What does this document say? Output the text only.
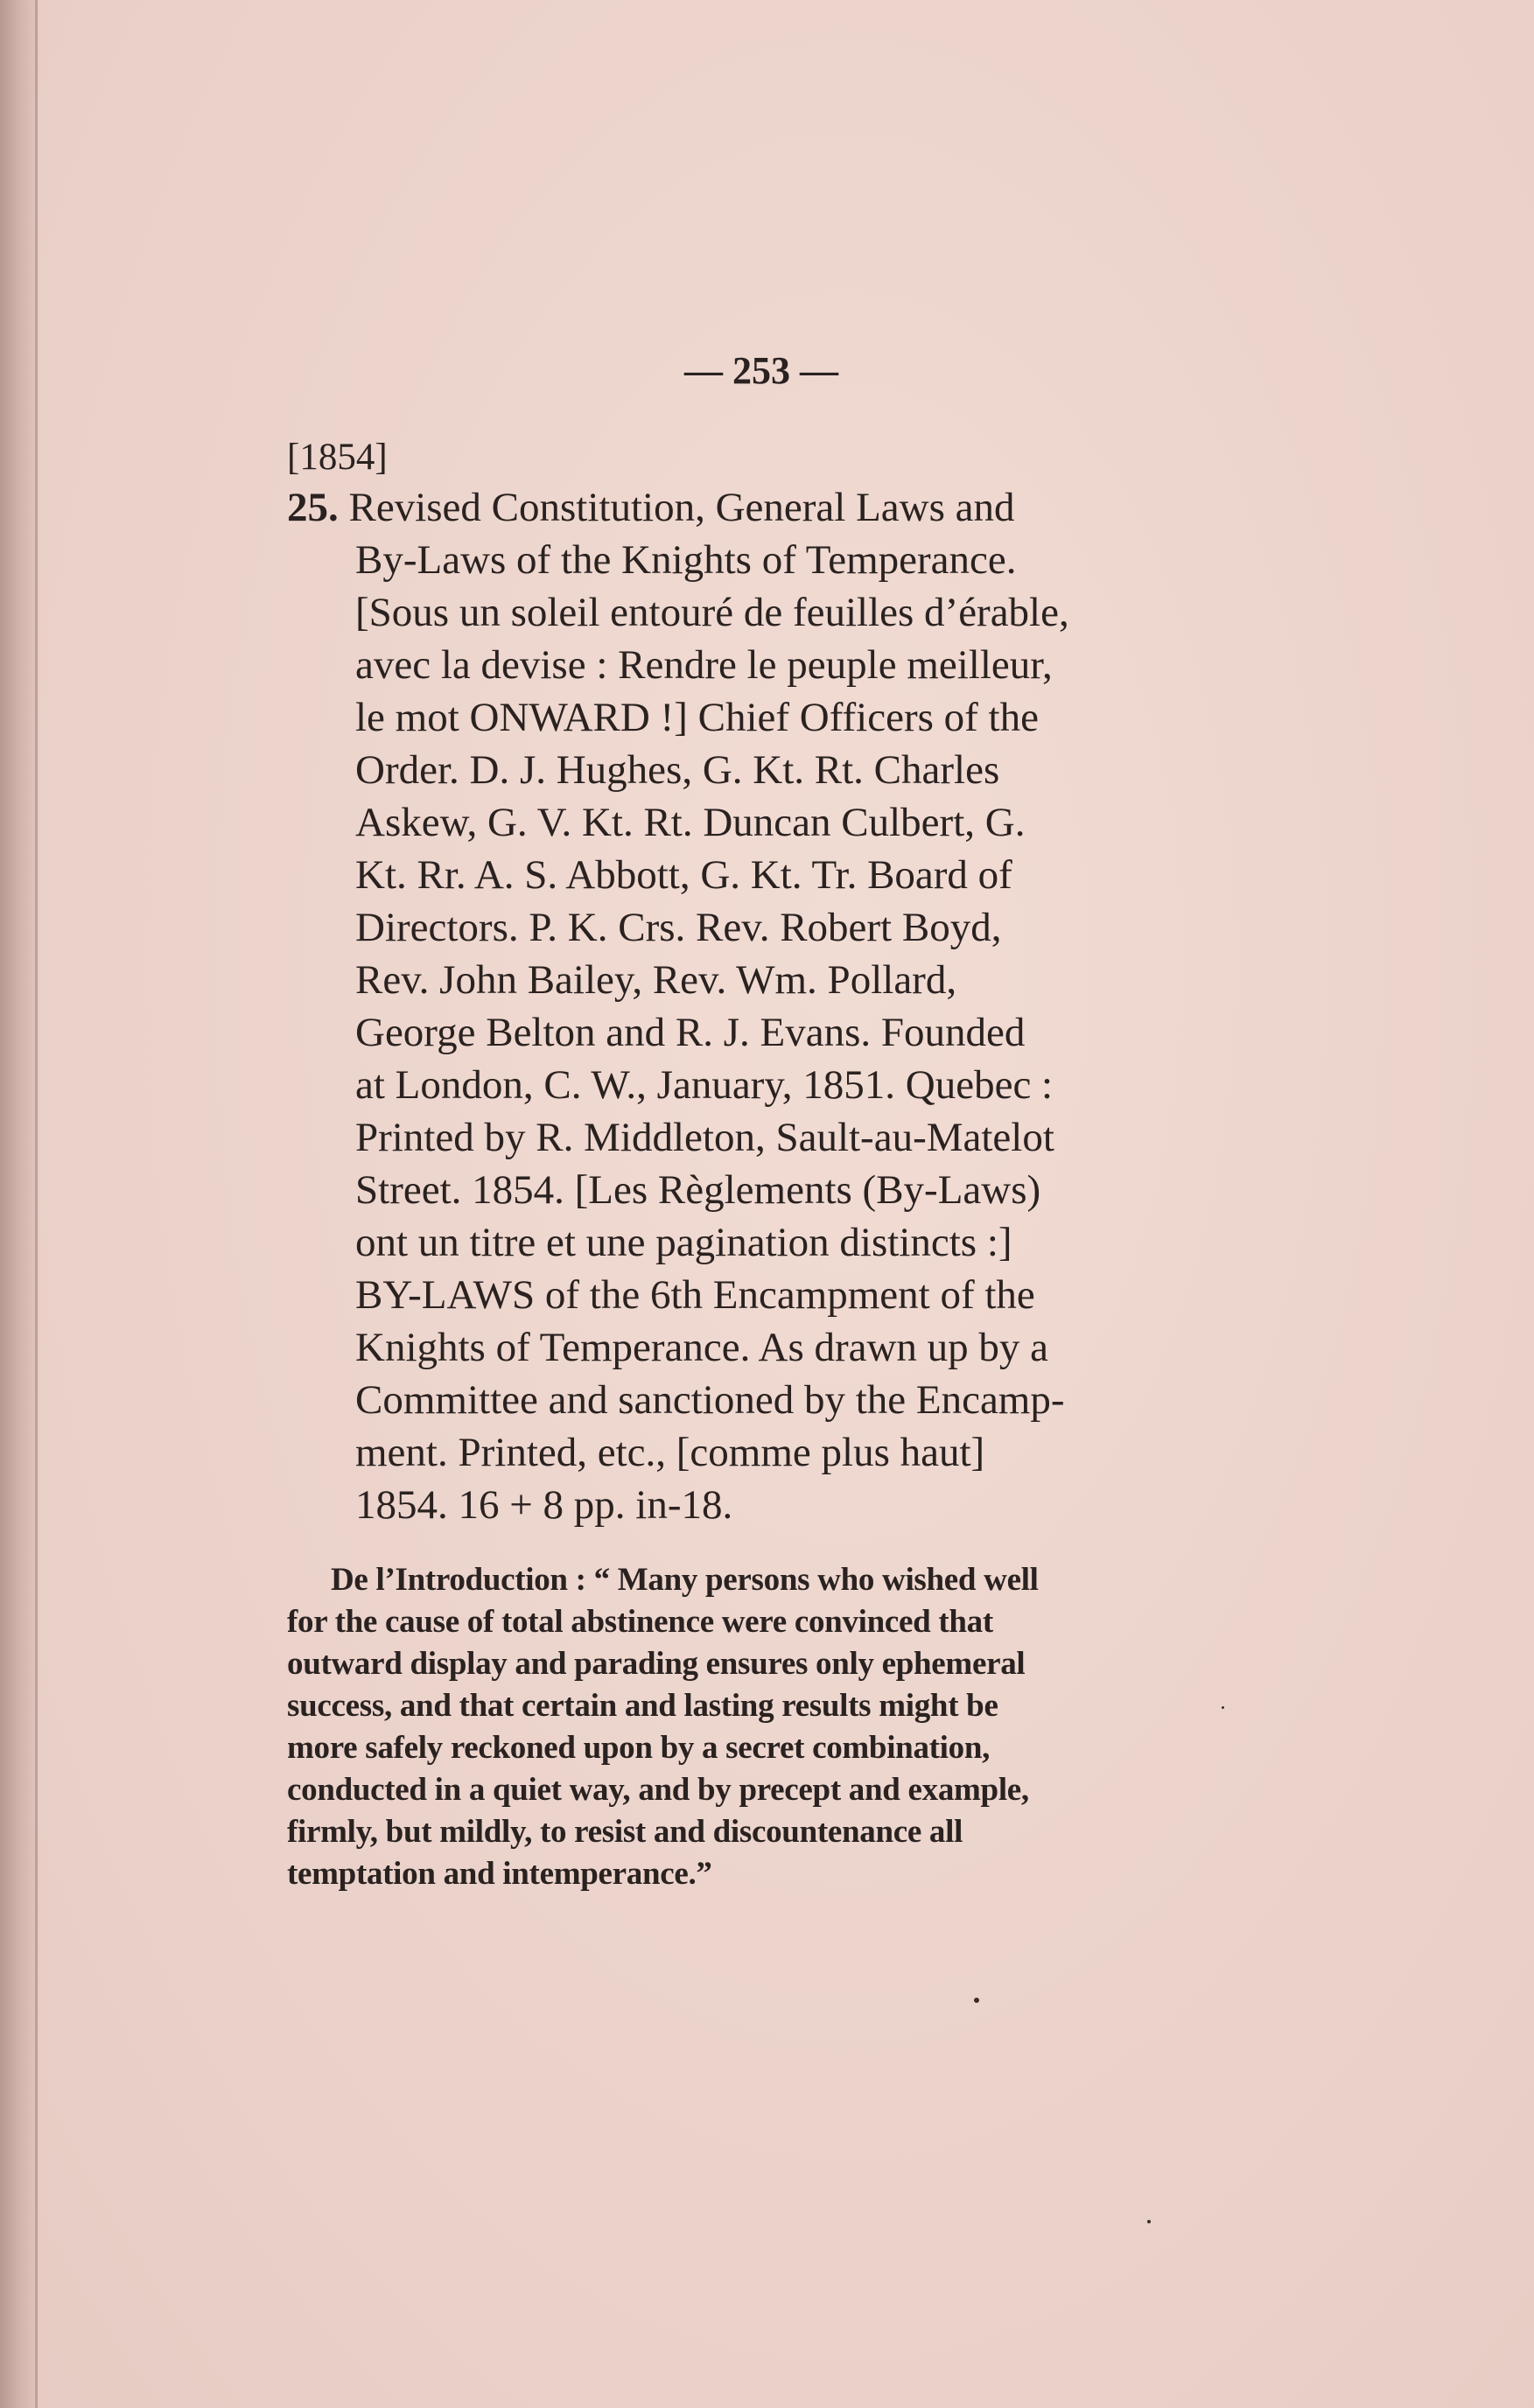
— 253 —
[1854]
25. Revised Constitution, General Laws and
By-Laws of the Knights of Temperance.
[Sous un soleil entouré de feuilles d’érable,
avec la devise : Rendre le peuple meilleur,
le mot ONWARD !] Chief Officers of the
Order. D. J. Hughes, G. Kt. Rt. Charles
Askew, G. V. Kt. Rt. Duncan Culbert, G.
Kt. Rr. A. S. Abbott, G. Kt. Tr. Board of
Directors. P. K. Crs. Rev. Robert Boyd,
Rev. John Bailey, Rev. Wm. Pollard,
George Belton and R. J. Evans. Founded
at London, C. W., January, 1851. Quebec :
Printed by R. Middleton, Sault-au-Matelot
Street. 1854. [Les Règlements (By-Laws)
ont un titre et une pagination distincts :]
BY-LAWS of the 6th Encampment of the
Knights of Temperance. As drawn up by a
Committee and sanctioned by the Encamp-
ment. Printed, etc., [comme plus haut]
1854. 16 + 8 pp. in-18.
De l’Introduction : “ Many persons who wished well
for the cause of total abstinence were convinced that
outward display and parading ensures only ephemeral
success, and that certain and lasting results might be
more safely reckoned upon by a secret combination,
conducted in a quiet way, and by precept and example,
firmly, but mildly, to resist and discountenance all
temptation and intemperance.”
